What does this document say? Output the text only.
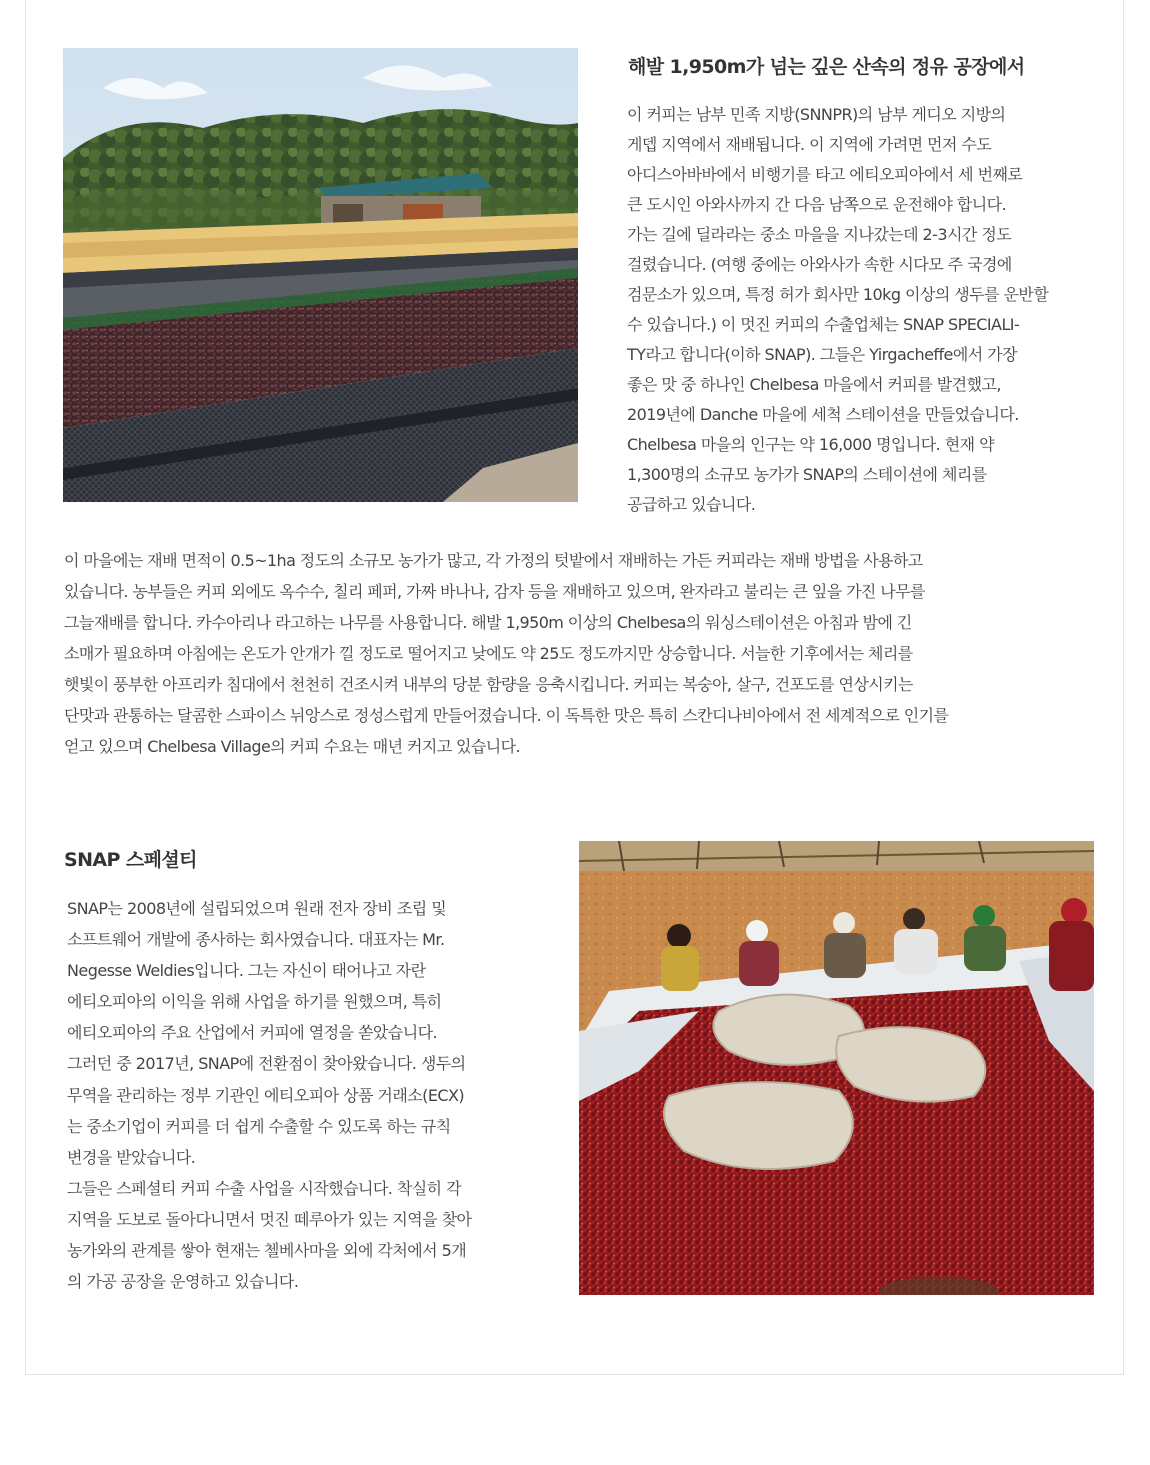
해발 1,950m가 넘는 깊은 산속의 정유 공장에서

이 커피는 남부 민족 지방(SNNPR)의 남부 게디오 지방의
게뎁 지역에서 재배됩니다. 이 지역에 가려면 먼저 수도
아디스아바바에서 비행기를 타고 에티오피아에서 세 번째로
큰 도시인 아와사까지 간 다음 남쪽으로 운전해야 합니다.
가는 길에 딜라라는 중소 마을을 지나갔는데 2-3시간 정도
걸렸습니다. (여행 중에는 아와사가 속한 시다모 주 국경에
검문소가 있으며, 특정 허가 회사만 10kg 이상의 생두를 운반할
수 있습니다.) 이 멋진 커피의 수출업체는 SNAP SPECIALI-
TY라고 합니다(이하 SNAP). 그들은 Yirgacheffe에서 가장
좋은 맛 중 하나인 Chelbesa 마을에서 커피를 발견했고,
2019년에 Danche 마을에 세척 스테이션을 만들었습니다.
Chelbesa 마을의 인구는 약 16,000 명입니다. 현재 약
1,300명의 소규모 농가가 SNAP의 스테이션에 체리를
공급하고 있습니다.

이 마을에는 재배 면적이 0.5~1ha 정도의 소규모 농가가 많고, 각 가정의 텃밭에서 재배하는 가든 커피라는 재배 방법을 사용하고
있습니다. 농부들은 커피 외에도 옥수수, 칠리 페퍼, 가짜 바나나, 감자 등을 재배하고 있으며, 완자라고 불리는 큰 잎을 가진 나무를
그늘재배를 합니다. 카수아리나 라고하는 나무를 사용합니다. 해발 1,950m 이상의 Chelbesa의 워싱스테이션은 아침과 밤에 긴
소매가 필요하며 아침에는 온도가 안개가 낄 정도로 떨어지고 낮에도 약 25도 정도까지만 상승합니다. 서늘한 기후에서는 체리를
햇빛이 풍부한 아프리카 침대에서 천천히 건조시켜 내부의 당분 함량을 응축시킵니다. 커피는 복숭아, 살구, 건포도를 연상시키는
단맛과 관통하는 달콤한 스파이스 뉘앙스로 정성스럽게 만들어졌습니다. 이 독특한 맛은 특히 스칸디나비아에서 전 세계적으로 인기를
얻고 있으며 Chelbesa Village의 커피 수요는 매년 커지고 있습니다.

SNAP 스페셜티

SNAP는 2008년에 설립되었으며 원래 전자 장비 조립 및
소프트웨어 개발에 종사하는 회사였습니다. 대표자는 Mr.
Negesse Weldies입니다. 그는 자신이 태어나고 자란
에티오피아의 이익을 위해 사업을 하기를 원했으며, 특히
에티오피아의 주요 산업에서 커피에 열정을 쏟았습니다.
그러던 중 2017년, SNAP에 전환점이 찾아왔습니다. 생두의
무역을 관리하는 정부 기관인 에티오피아 상품 거래소(ECX)
는 중소기업이 커피를 더 쉽게 수출할 수 있도록 하는 규칙
변경을 받았습니다.
그들은 스페셜티 커피 수출 사업을 시작했습니다. 착실히 각
지역을 도보로 돌아다니면서 멋진 떼루아가 있는 지역을 찾아
농가와의 관계를 쌓아 현재는 첼베사마을 외에 각처에서 5개
의 가공 공장을 운영하고 있습니다.
